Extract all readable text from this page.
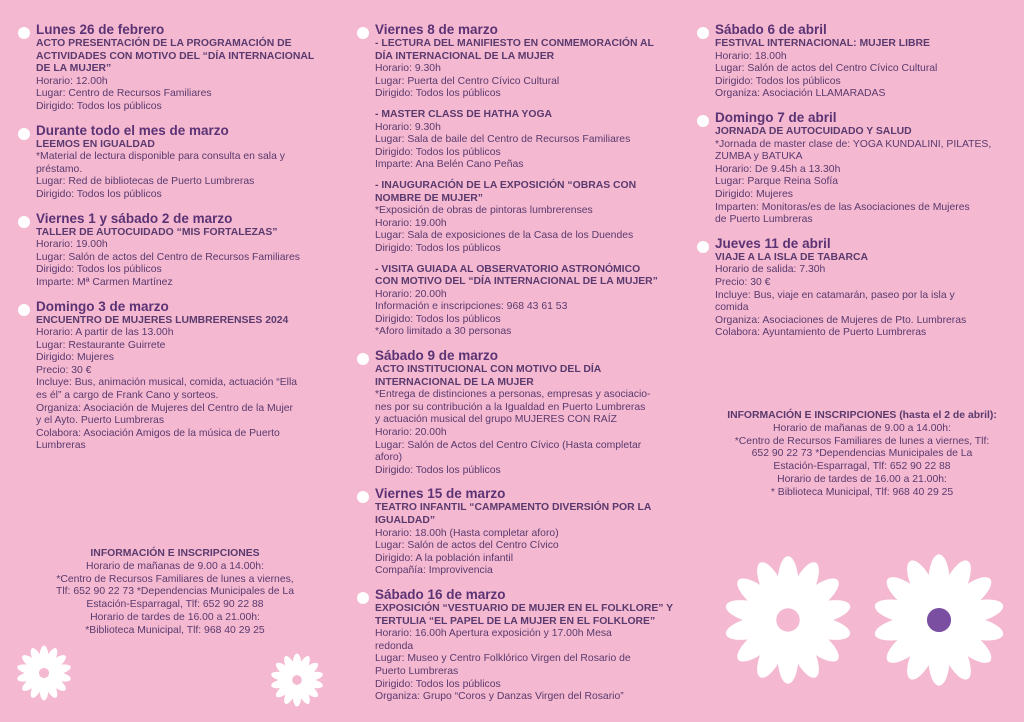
Lunes 26 de febrero
ACTO PRESENTACIÓN DE LA PROGRAMACIÓN DE
ACTIVIDADES CON MOTIVO DEL “DÍA INTERNACIONAL
DE LA MUJER”
Horario: 12.00h
Lugar: Centro de Recursos Familiares
Dirigido: Todos los públicos
Durante todo el mes de marzo
LEEMOS EN IGUALDAD
*Material de lectura disponible para consulta en sala y
préstamo.
Lugar: Red de bibliotecas de Puerto Lumbreras
Dirigido: Todos los públicos
Viernes 1 y sábado 2 de marzo
TALLER DE AUTOCUIDADO “MIS FORTALEZAS”
Horario: 19.00h
Lugar: Salón de actos del Centro de Recursos Familiares
Dirigido: Todos los públicos
Imparte: Mª Carmen Martínez
Domingo 3 de marzo
ENCUENTRO DE MUJERES LUMBRERENSES 2024
Horario: A partir de las 13.00h
Lugar: Restaurante Guirrete
Dirigido: Mujeres
Precio: 30 €
Incluye: Bus, animación musical, comida, actuación “Ella
es él” a cargo de Frank Cano y sorteos.
Organiza: Asociación de Mujeres del Centro de la Mujer
y el Ayto. Puerto Lumbreras
Colabora: Asociación Amigos de la música de Puerto
Lumbreras
Viernes 8 de marzo
- LECTURA DEL MANIFIESTO EN CONMEMORACIÓN AL
DÍA INTERNACIONAL DE LA MUJER
Horario: 9.30h
Lugar: Puerta del Centro Cívico Cultural
Dirigido: Todos los públicos
- MASTER CLASS DE HATHA YOGA
Horario: 9.30h
Lugar: Sala de baile del Centro de Recursos Familiares
Dirigido: Todos los públicos
Imparte: Ana Belén Cano Peñas
- INAUGURACIÓN DE LA EXPOSICIÓN “OBRAS CON
NOMBRE DE MUJER”
*Exposición de obras de pintoras lumbrerenses
Horario: 19.00h
Lugar: Sala de exposiciones de la Casa de los Duendes
Dirigido: Todos los públicos
- VISITA GUIADA AL OBSERVATORIO ASTRONÓMICO
CON MOTIVO DEL “DÍA INTERNACIONAL DE LA MUJER”
Horario: 20.00h
Información e inscripciones: 968 43 61 53
Dirigido: Todos los públicos
*Aforo limitado a 30 personas
Sábado 9 de marzo
ACTO INSTITUCIONAL CON MOTIVO DEL DÍA
INTERNACIONAL DE LA MUJER
*Entrega de distinciones a personas, empresas y asociacio-
nes por su contribución a la Igualdad en Puerto Lumbreras
y actuación musical del grupo MUJERES CON RAÍZ
Horario: 20.00h
Lugar: Salón de Actos del Centro Cívico (Hasta completar
aforo)
Dirigido: Todos los públicos
Viernes 15 de marzo
TEATRO INFANTIL “CAMPAMENTO DIVERSIÓN POR LA
IGUALDAD”
Horario: 18.00h (Hasta completar aforo)
Lugar: Salón de actos del Centro Cívico
Dirigido: A la población infantil
Compañía: Improvivencia
Sábado 16 de marzo
EXPOSICIÓN “VESTUARIO DE MUJER EN EL FOLKLORE” Y
TERTULIA “EL PAPEL DE LA MUJER EN EL FOLKLORE”
Horario: 16.00h Apertura exposición y 17.00h Mesa
redonda
Lugar: Museo y Centro Folklórico Virgen del Rosario de
Puerto Lumbreras
Dirigido: Todos los públicos
Organiza: Grupo “Coros y Danzas Virgen del Rosario”
Sábado 6 de abril
FESTIVAL INTERNACIONAL: MUJER LIBRE
Horario: 18.00h
Lugar: Salón de actos del Centro Cívico Cultural
Dirigido: Todos los públicos
Organiza: Asociación LLAMARADAS
Domingo 7 de abril
JORNADA DE AUTOCUIDADO Y SALUD
*Jornada de master clase de: YOGA KUNDALINI, PILATES,
ZUMBA y BATUKA
Horario: De 9.45h a 13.30h
Lugar: Parque Reina Sofía
Dirigido: Mujeres
Imparten: Monitoras/es de las Asociaciones de Mujeres
de Puerto Lumbreras
Jueves 11 de abril
VIAJE A LA ISLA DE TABARCA
Horario de salida: 7.30h
Precio: 30 €
Incluye: Bus, viaje en catamarán, paseo por la isla y
comida
Organiza: Asociaciones de Mujeres de Pto. Lumbreras
Colabora: Ayuntamiento de Puerto Lumbreras
INFORMACIÓN E INSCRIPCIONES
Horario de mañanas de 9.00 a 14.00h:
*Centro de Recursos Familiares de lunes a viernes,
Tlf: 652 90 22 73 *Dependencias Municipales de La
Estación-Esparragal, Tlf: 652 90 22 88
Horario de tardes de 16.00 a 21.00h:
*Biblioteca Municipal, Tlf: 968 40 29 25
INFORMACIÓN E INSCRIPCIONES (hasta el 2 de abril):
Horario de mañanas de 9.00 a 14.00h:
*Centro de Recursos Familiares de lunes a viernes, Tlf:
652 90 22 73 *Dependencias Municipales de La
Estación-Esparragal, Tlf: 652 90 22 88
Horario de tardes de 16.00 a 21.00h:
* Biblioteca Municipal, Tlf: 968 40 29 25
